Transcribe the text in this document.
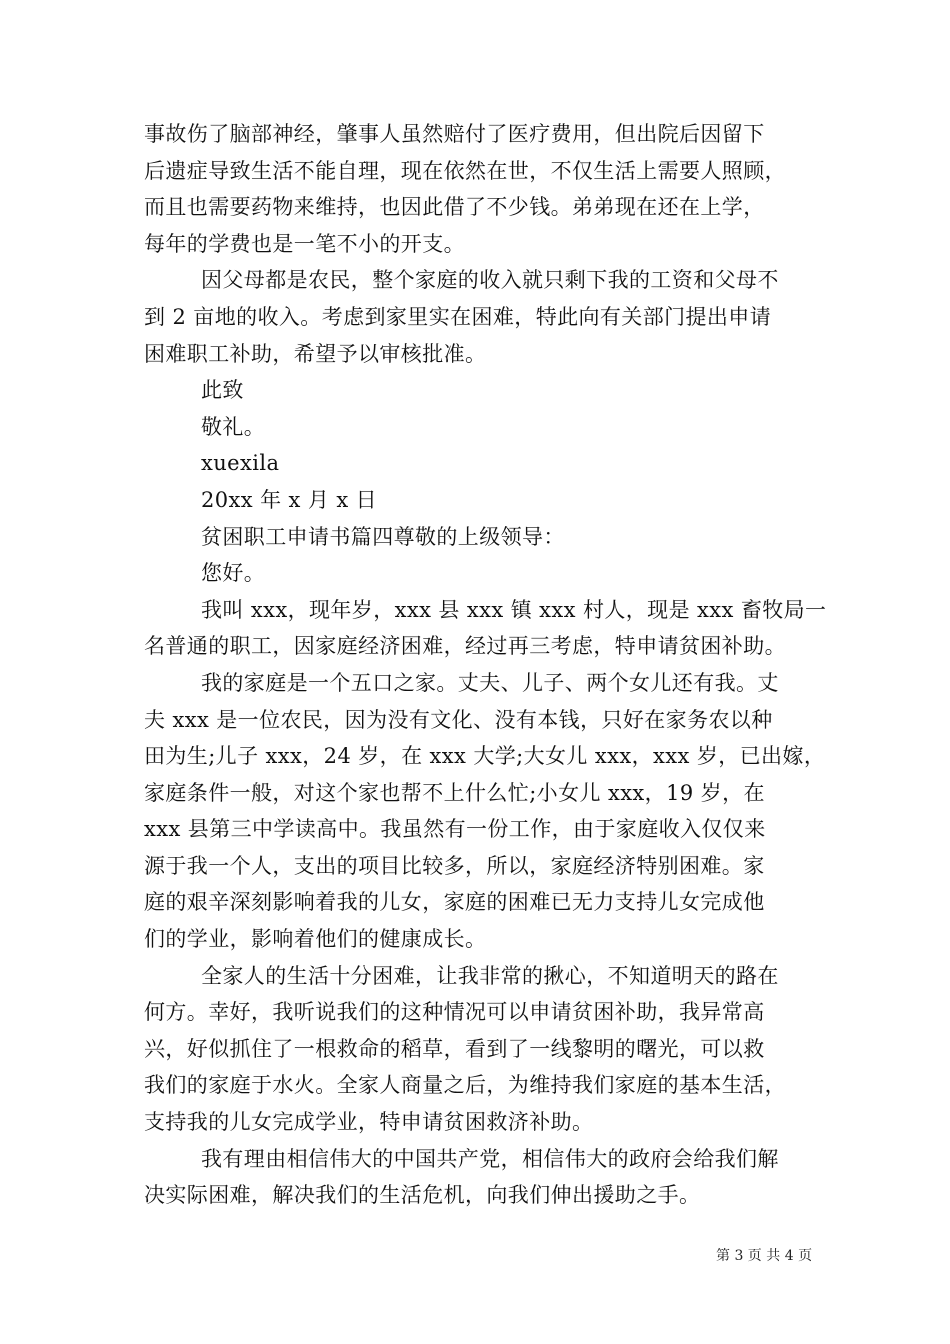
事故伤了脑部神经，肇事人虽然赔付了医疗费用，但出院后因留下

后遗症导致生活不能自理，现在依然在世，不仅生活上需要人照顾，

而且也需要药物来维持，也因此借了不少钱。弟弟现在还在上学，

每年的学费也是一笔不小的开支。

因父母都是农民，整个家庭的收入就只剩下我的工资和父母不

到 2 亩地的收入。考虑到家里实在困难，特此向有关部门提出申请

困难职工补助，希望予以审核批准。

此致

敬礼。

xuexila

20xx 年 x 月 x 日

贫困职工申请书篇四尊敬的上级领导：

您好。

我叫 xxx，现年岁，xxx 县 xxx 镇 xxx 村人，现是 xxx 畜牧局一

名普通的职工，因家庭经济困难，经过再三考虑，特申请贫困补助。

我的家庭是一个五口之家。丈夫、儿子、两个女儿还有我。丈

夫 xxx 是一位农民，因为没有文化、没有本钱，只好在家务农以种

田为生;儿子 xxx，24 岁，在 xxx 大学;大女儿 xxx，xxx 岁，已出嫁，

家庭条件一般，对这个家也帮不上什么忙;小女儿 xxx，19 岁，在

xxx 县第三中学读高中。我虽然有一份工作，由于家庭收入仅仅来

源于我一个人，支出的项目比较多，所以，家庭经济特别困难。家

庭的艰辛深刻影响着我的儿女，家庭的困难已无力支持儿女完成他

们的学业，影响着他们的健康成长。

全家人的生活十分困难，让我非常的揪心，不知道明天的路在

何方。幸好，我听说我们的这种情况可以申请贫困补助，我异常高

兴，好似抓住了一根救命的稻草，看到了一线黎明的曙光，可以救

我们的家庭于水火。全家人商量之后，为维持我们家庭的基本生活，

支持我的儿女完成学业，特申请贫困救济补助。

我有理由相信伟大的中国共产党，相信伟大的政府会给我们解

决实际困难，解决我们的生活危机，向我们伸出援助之手。

第 3 页 共 4 页
